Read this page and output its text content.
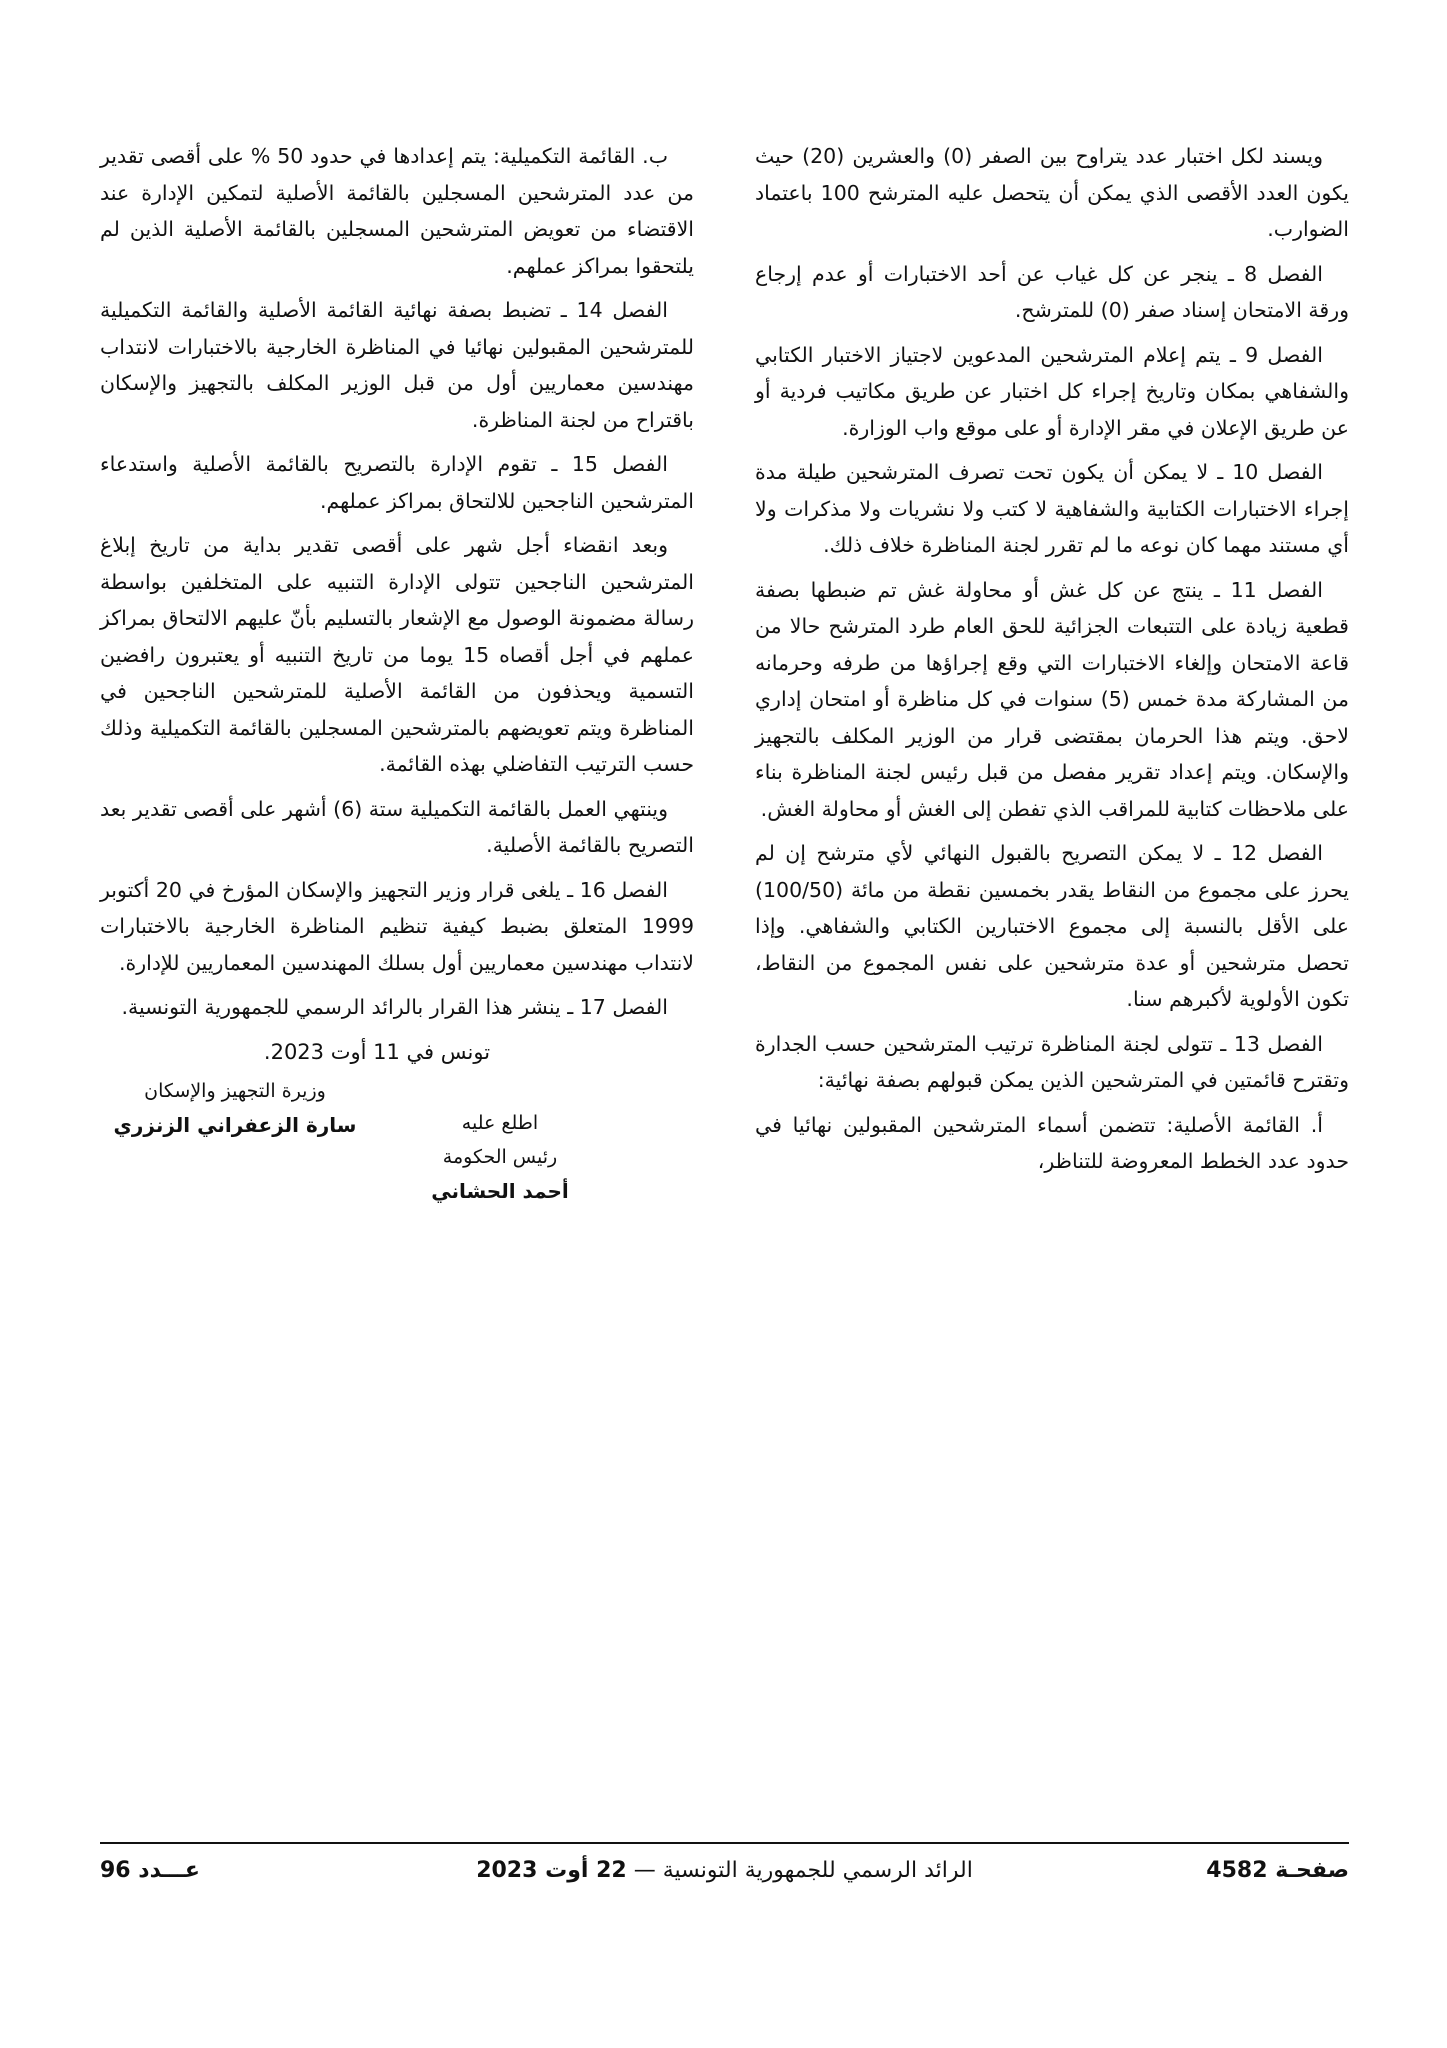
ويسند لكل اختبار عدد يتراوح بين الصفر (0) والعشرين (20) حيث يكون العدد الأقصى الذي يمكن أن يتحصل عليه المترشح 100 باعتماد الضوارب.

الفصل 8 ـ ينجر عن كل غياب عن أحد الاختبارات أو عدم إرجاع ورقة الامتحان إسناد صفر (0) للمترشح.

الفصل 9 ـ يتم إعلام المترشحين المدعوين لاجتياز الاختبار الكتابي والشفاهي بمكان وتاريخ إجراء كل اختبار عن طريق مكاتيب فردية أو عن طريق الإعلان في مقر الإدارة أو على موقع واب الوزارة.

الفصل 10 ـ لا يمكن أن يكون تحت تصرف المترشحين طيلة مدة إجراء الاختبارات الكتابية والشفاهية لا كتب ولا نشريات ولا مذكرات ولا أي مستند مهما كان نوعه ما لم تقرر لجنة المناظرة خلاف ذلك.

الفصل 11 ـ ينتج عن كل غش أو محاولة غش تم ضبطها بصفة قطعية زيادة على التتبعات الجزائية للحق العام طرد المترشح حالا من قاعة الامتحان وإلغاء الاختبارات التي وقع إجراؤها من طرفه وحرمانه من المشاركة مدة خمس (5) سنوات في كل مناظرة أو امتحان إداري لاحق. ويتم هذا الحرمان بمقتضى قرار من الوزير المكلف بالتجهيز والإسكان. ويتم إعداد تقرير مفصل من قبل رئيس لجنة المناظرة بناء على ملاحظات كتابية للمراقب الذي تفطن إلى الغش أو محاولة الغش.

الفصل 12 ـ لا يمكن التصريح بالقبول النهائي لأي مترشح إن لم يحرز على مجموع من النقاط يقدر بخمسين نقطة من مائة (100/50) على الأقل بالنسبة إلى مجموع الاختبارين الكتابي والشفاهي. وإذا تحصل مترشحين أو عدة مترشحين على نفس المجموع من النقاط، تكون الأولوية لأكبرهم سنا.

الفصل 13 ـ تتولى لجنة المناظرة ترتيب المترشحين حسب الجدارة وتقترح قائمتين في المترشحين الذين يمكن قبولهم بصفة نهائية:

أ. القائمة الأصلية: تتضمن أسماء المترشحين المقبولين نهائيا في حدود عدد الخطط المعروضة للتناظر،

ب. القائمة التكميلية: يتم إعدادها في حدود 50 % على أقصى تقدير من عدد المترشحين المسجلين بالقائمة الأصلية لتمكين الإدارة عند الاقتضاء من تعويض المترشحين المسجلين بالقائمة الأصلية الذين لم يلتحقوا بمراكز عملهم.

الفصل 14 ـ تضبط بصفة نهائية القائمة الأصلية والقائمة التكميلية للمترشحين المقبولين نهائيا في المناظرة الخارجية بالاختبارات لانتداب مهندسين معماريين أول من قبل الوزير المكلف بالتجهيز والإسكان باقتراح من لجنة المناظرة.

الفصل 15 ـ تقوم الإدارة بالتصريح بالقائمة الأصلية واستدعاء المترشحين الناجحين للالتحاق بمراكز عملهم.

وبعد انقضاء أجل شهر على أقصى تقدير بداية من تاريخ إبلاغ المترشحين الناجحين تتولى الإدارة التنبيه على المتخلفين بواسطة رسالة مضمونة الوصول مع الإشعار بالتسليم بأنّ عليهم الالتحاق بمراكز عملهم في أجل أقصاه 15 يوما من تاريخ التنبيه أو يعتبرون رافضين التسمية ويحذفون من القائمة الأصلية للمترشحين الناجحين في المناظرة ويتم تعويضهم بالمترشحين المسجلين بالقائمة التكميلية وذلك حسب الترتيب التفاضلي بهذه القائمة.

وينتهي العمل بالقائمة التكميلية ستة (6) أشهر على أقصى تقدير بعد التصريح بالقائمة الأصلية.

الفصل 16 ـ يلغى قرار وزير التجهيز والإسكان المؤرخ في 20 أكتوبر 1999 المتعلق بضبط كيفية تنظيم المناظرة الخارجية بالاختبارات لانتداب مهندسين معماريين أول بسلك المهندسين المعماريين للإدارة.

الفصل 17 ـ ينشر هذا القرار بالرائد الرسمي للجمهورية التونسية.

تونس في 11 أوت 2023.
وزيرة التجهيز والإسكان
سارة الزعفراني الزنزري	اطلع عليه
رئيس الحكومة
أحمد الحشاني
صفحـة 4582
الرائد الرسمي للجمهورية التونسية — 22 أوت 2023
عـــدد 96
